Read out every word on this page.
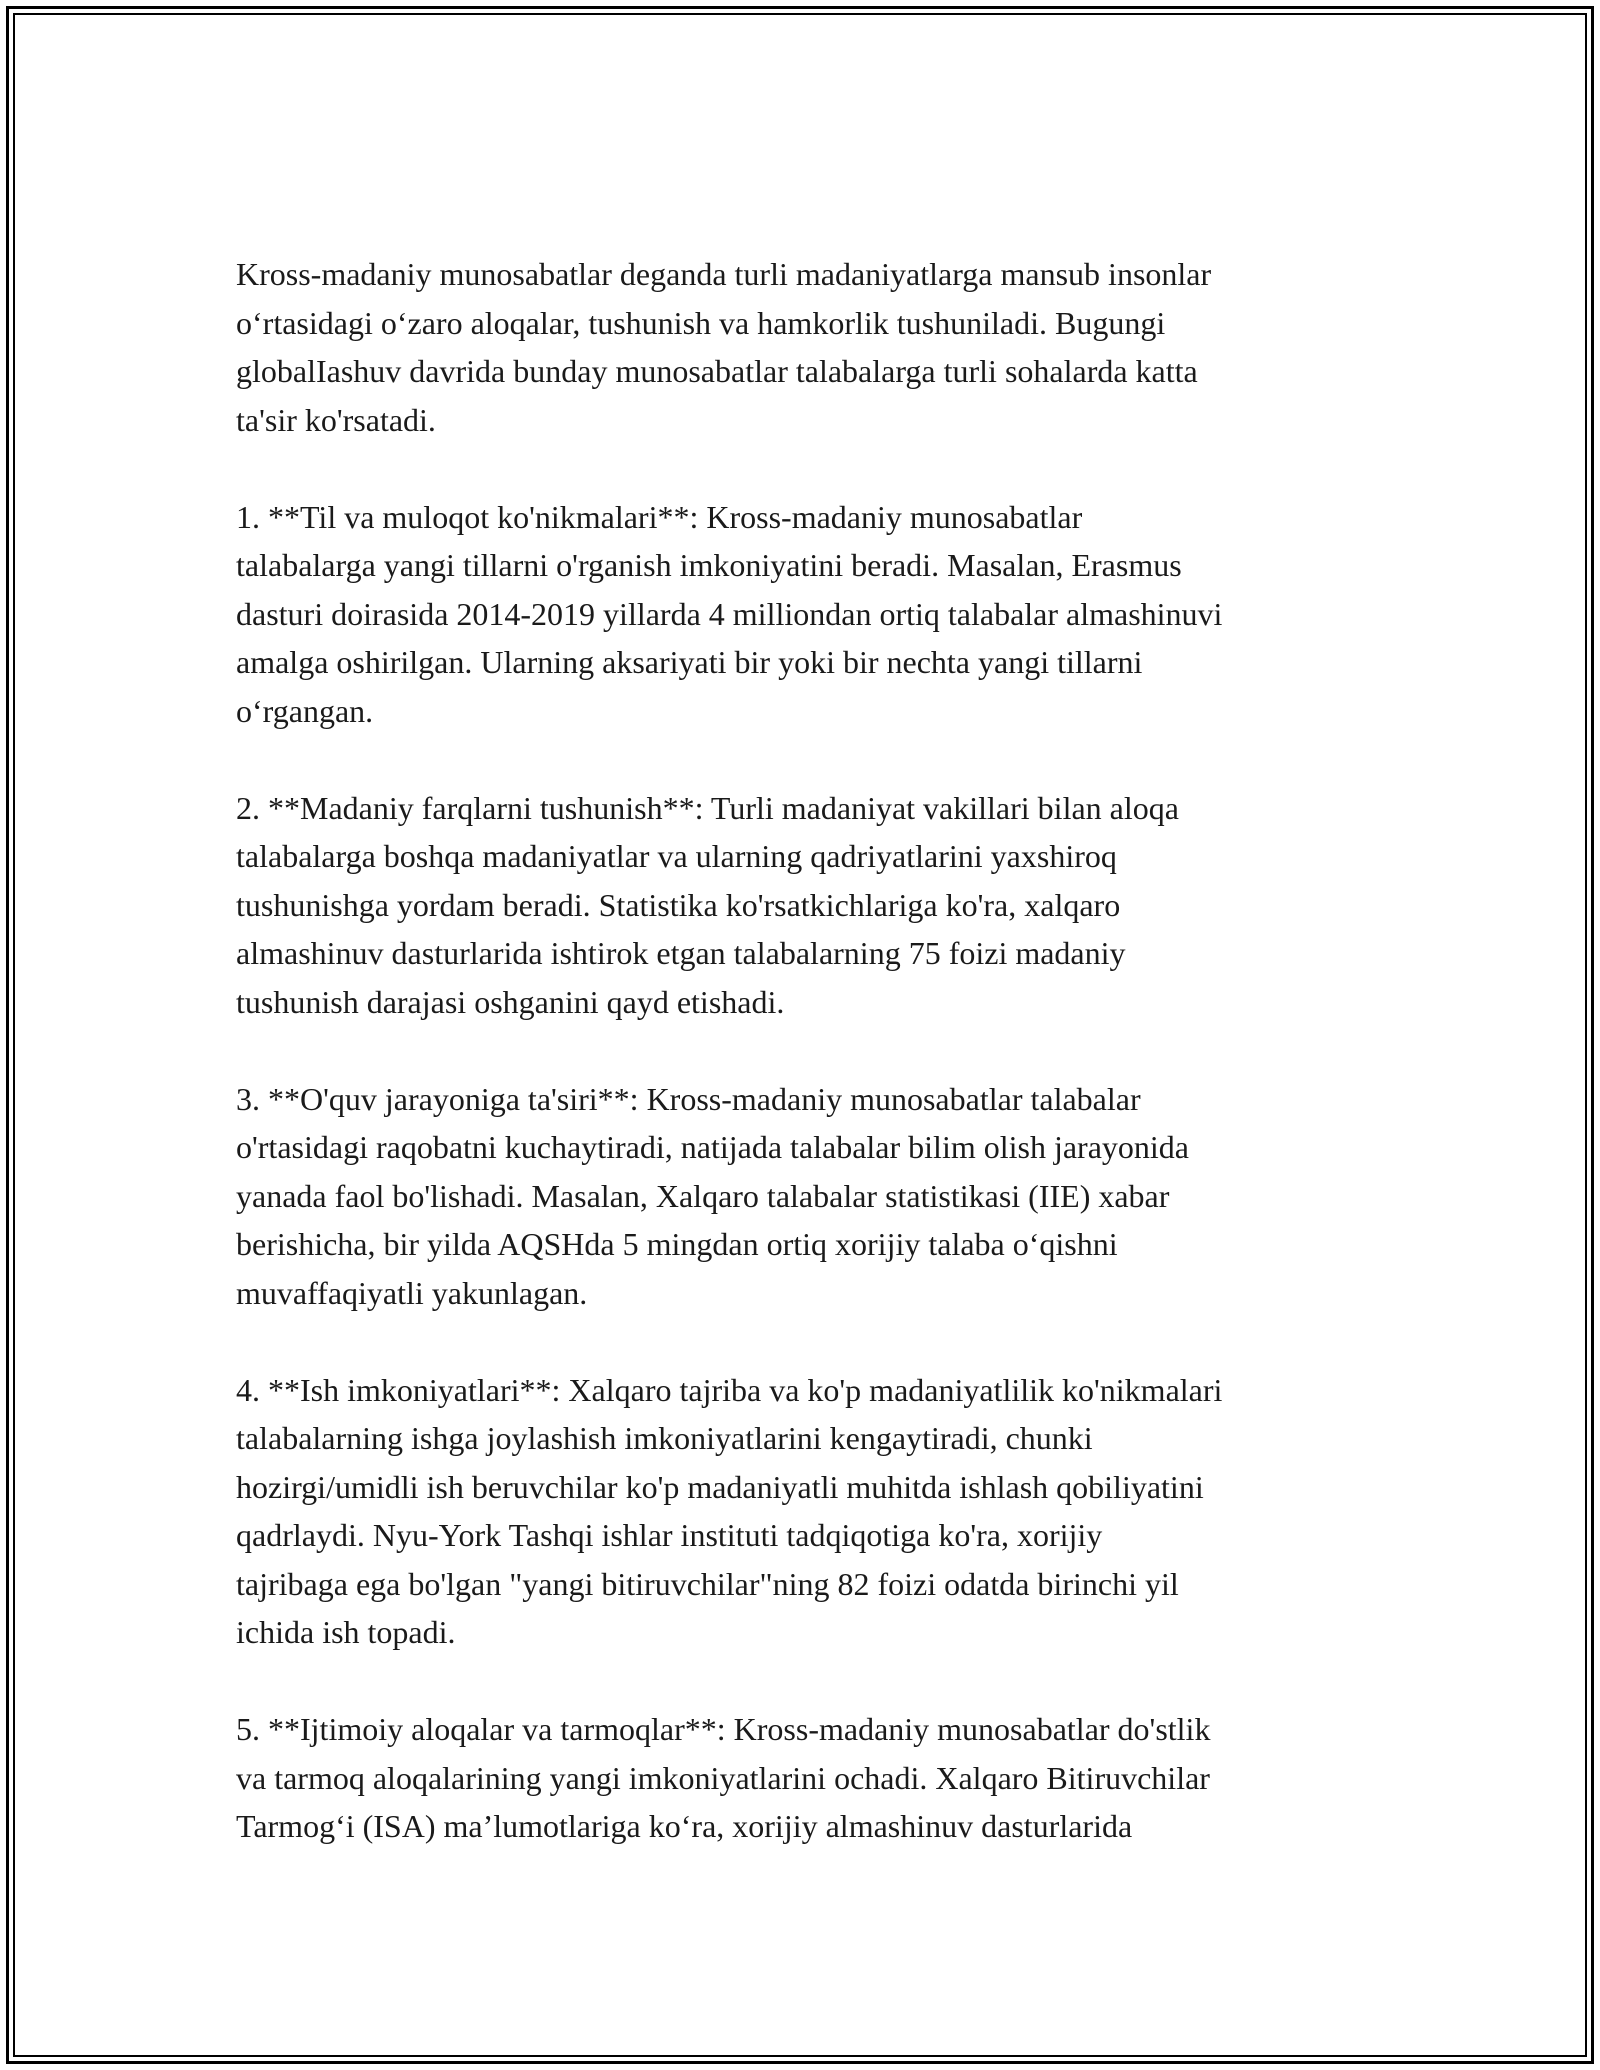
Kross-madaniy munosabatlar deganda turli madaniyatlarga mansub insonlar
o‘rtasidagi o‘zaro aloqalar, tushunish va hamkorlik tushuniladi. Bugungi
globalIashuv davrida bunday munosabatlar talabalarga turli sohalarda katta
ta'sir ko'rsatadi.

1. **Til va muloqot ko'nikmalari**: Kross-madaniy munosabatlar
talabalarga yangi tillarni o'rganish imkoniyatini beradi. Masalan, Erasmus
dasturi doirasida 2014-2019 yillarda 4 milliondan ortiq talabalar almashinuvi
amalga oshirilgan. Ularning aksariyati bir yoki bir nechta yangi tillarni
o‘rgangan.

2. **Madaniy farqlarni tushunish**: Turli madaniyat vakillari bilan aloqa
talabalarga boshqa madaniyatlar va ularning qadriyatlarini yaxshiroq
tushunishga yordam beradi. Statistika ko'rsatkichlariga ko'ra, xalqaro
almashinuv dasturlarida ishtirok etgan talabalarning 75 foizi madaniy
tushunish darajasi oshganini qayd etishadi.

3. **O'quv jarayoniga ta'siri**: Kross-madaniy munosabatlar talabalar
o'rtasidagi raqobatni kuchaytiradi, natijada talabalar bilim olish jarayonida
yanada faol bo'lishadi. Masalan, Xalqaro talabalar statistikasi (IIE) xabar
berishicha, bir yilda AQSHda 5 mingdan ortiq xorijiy talaba o‘qishni
muvaffaqiyatli yakunlagan.

4. **Ish imkoniyatlari**: Xalqaro tajriba va ko'p madaniyatlilik ko'nikmalari
talabalarning ishga joylashish imkoniyatlarini kengaytiradi, chunki
hozirgi/umidli ish beruvchilar ko'p madaniyatli muhitda ishlash qobiliyatini
qadrlaydi. Nyu-York Tashqi ishlar instituti tadqiqotiga ko'ra, xorijiy
tajribaga ega bo'lgan "yangi bitiruvchilar"ning 82 foizi odatda birinchi yil
ichida ish topadi.

5. **Ijtimoiy aloqalar va tarmoqlar**: Kross-madaniy munosabatlar do'stlik
va tarmoq aloqalarining yangi imkoniyatlarini ochadi. Xalqaro Bitiruvchilar
Tarmog‘i (ISA) ma’lumotlariga ko‘ra, xorijiy almashinuv dasturlarida
